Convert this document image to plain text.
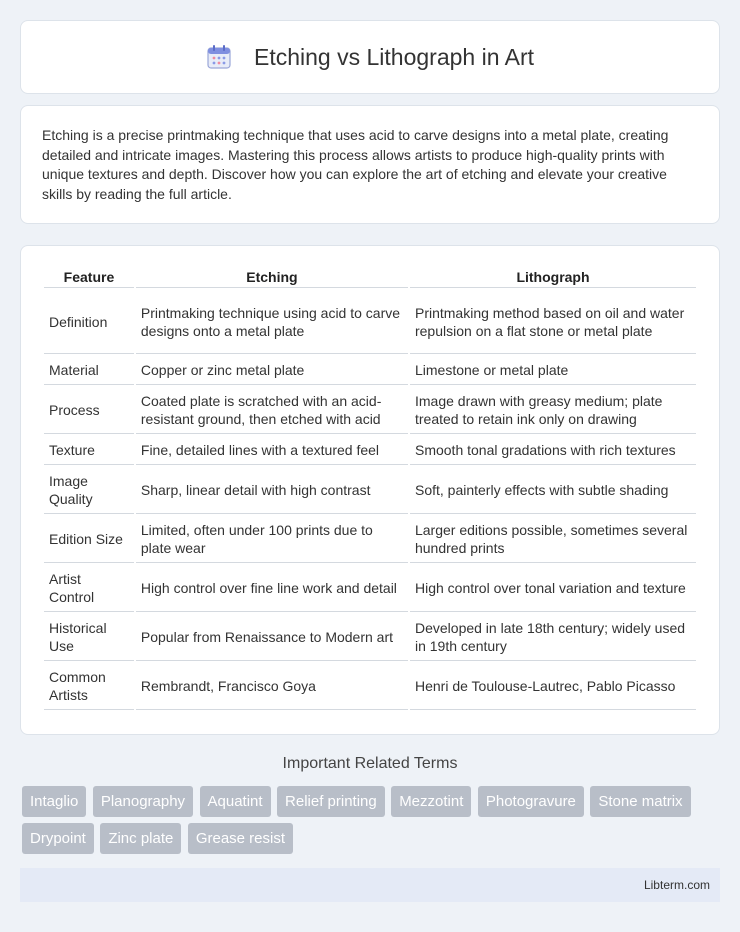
Etching vs Lithograph in Art

Etching is a precise printmaking technique that uses acid to carve designs into a metal plate, creating detailed and intricate images. Mastering this process allows artists to produce high-quality prints with unique textures and depth. Discover how you can explore the art of etching and elevate your creative skills by reading the full article.

Feature	Etching	Lithograph
Definition	Printmaking technique using acid to carve designs onto a metal plate	Printmaking method based on oil and water repulsion on a flat stone or metal plate
Material	Copper or zinc metal plate	Limestone or metal plate
Process	Coated plate is scratched with an acid-resistant ground, then etched with acid	Image drawn with greasy medium; plate treated to retain ink only on drawing
Texture	Fine, detailed lines with a textured feel	Smooth tonal gradations with rich textures
Image Quality	Sharp, linear detail with high contrast	Soft, painterly effects with subtle shading
Edition Size	Limited, often under 100 prints due to plate wear	Larger editions possible, sometimes several hundred prints
Artist Control	High control over fine line work and detail	High control over tonal variation and texture
Historical Use	Popular from Renaissance to Modern art	Developed in late 18th century; widely used in 19th century
Common Artists	Rembrandt, Francisco Goya	Henri de Toulouse-Lautrec, Pablo Picasso
Important Related Terms
Intaglio Planography Aquatint Relief printing Mezzotint Photogravure Stone matrix Drypoint Zinc plate Grease resist
Libterm.com
